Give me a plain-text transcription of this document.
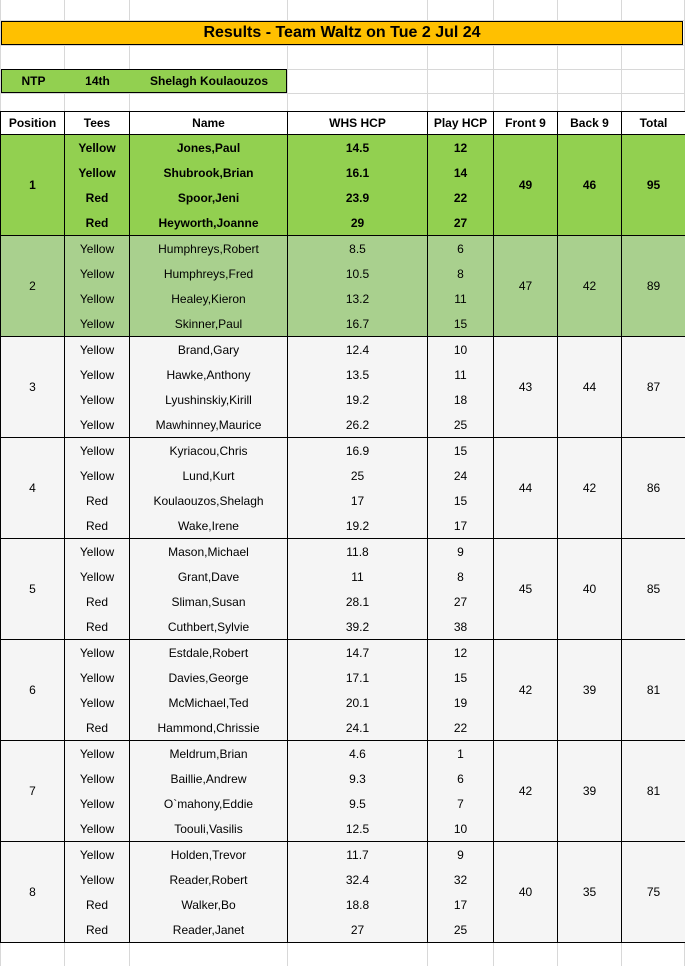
Results - Team Waltz on Tue 2 Jul 24
NTP	14th	Shelagh Koulaouzos
Position	Tees	Name	WHS HCP	Play HCP	Front 9	Back 9	Total
1	Yellow	Jones,Paul	14.5	12	49	46	95
	Yellow	Shubrook,Brian	16.1	14			
	Red	Spoor,Jeni	23.9	22			
	Red	Heyworth,Joanne	29	27			
2	Yellow	Humphreys,Robert	8.5	6	47	42	89
	Yellow	Humphreys,Fred	10.5	8			
	Yellow	Healey,Kieron	13.2	11			
	Yellow	Skinner,Paul	16.7	15			
3	Yellow	Brand,Gary	12.4	10	43	44	87
	Yellow	Hawke,Anthony	13.5	11			
	Yellow	Lyushinskiy,Kirill	19.2	18			
	Yellow	Mawhinney,Maurice	26.2	25			
4	Yellow	Kyriacou,Chris	16.9	15	44	42	86
	Yellow	Lund,Kurt	25	24			
	Red	Koulaouzos,Shelagh	17	15			
	Red	Wake,Irene	19.2	17			
5	Yellow	Mason,Michael	11.8	9	45	40	85
	Yellow	Grant,Dave	11	8			
	Red	Sliman,Susan	28.1	27			
	Red	Cuthbert,Sylvie	39.2	38			
6	Yellow	Estdale,Robert	14.7	12	42	39	81
	Yellow	Davies,George	17.1	15			
	Yellow	McMichael,Ted	20.1	19			
	Red	Hammond,Chrissie	24.1	22			
7	Yellow	Meldrum,Brian	4.6	1	42	39	81
	Yellow	Baillie,Andrew	9.3	6			
	Yellow	O`mahony,Eddie	9.5	7			
	Yellow	Toouli,Vasilis	12.5	10			
8	Yellow	Holden,Trevor	11.7	9	40	35	75
	Yellow	Reader,Robert	32.4	32			
	Red	Walker,Bo	18.8	17			
	Red	Reader,Janet	27	25			
